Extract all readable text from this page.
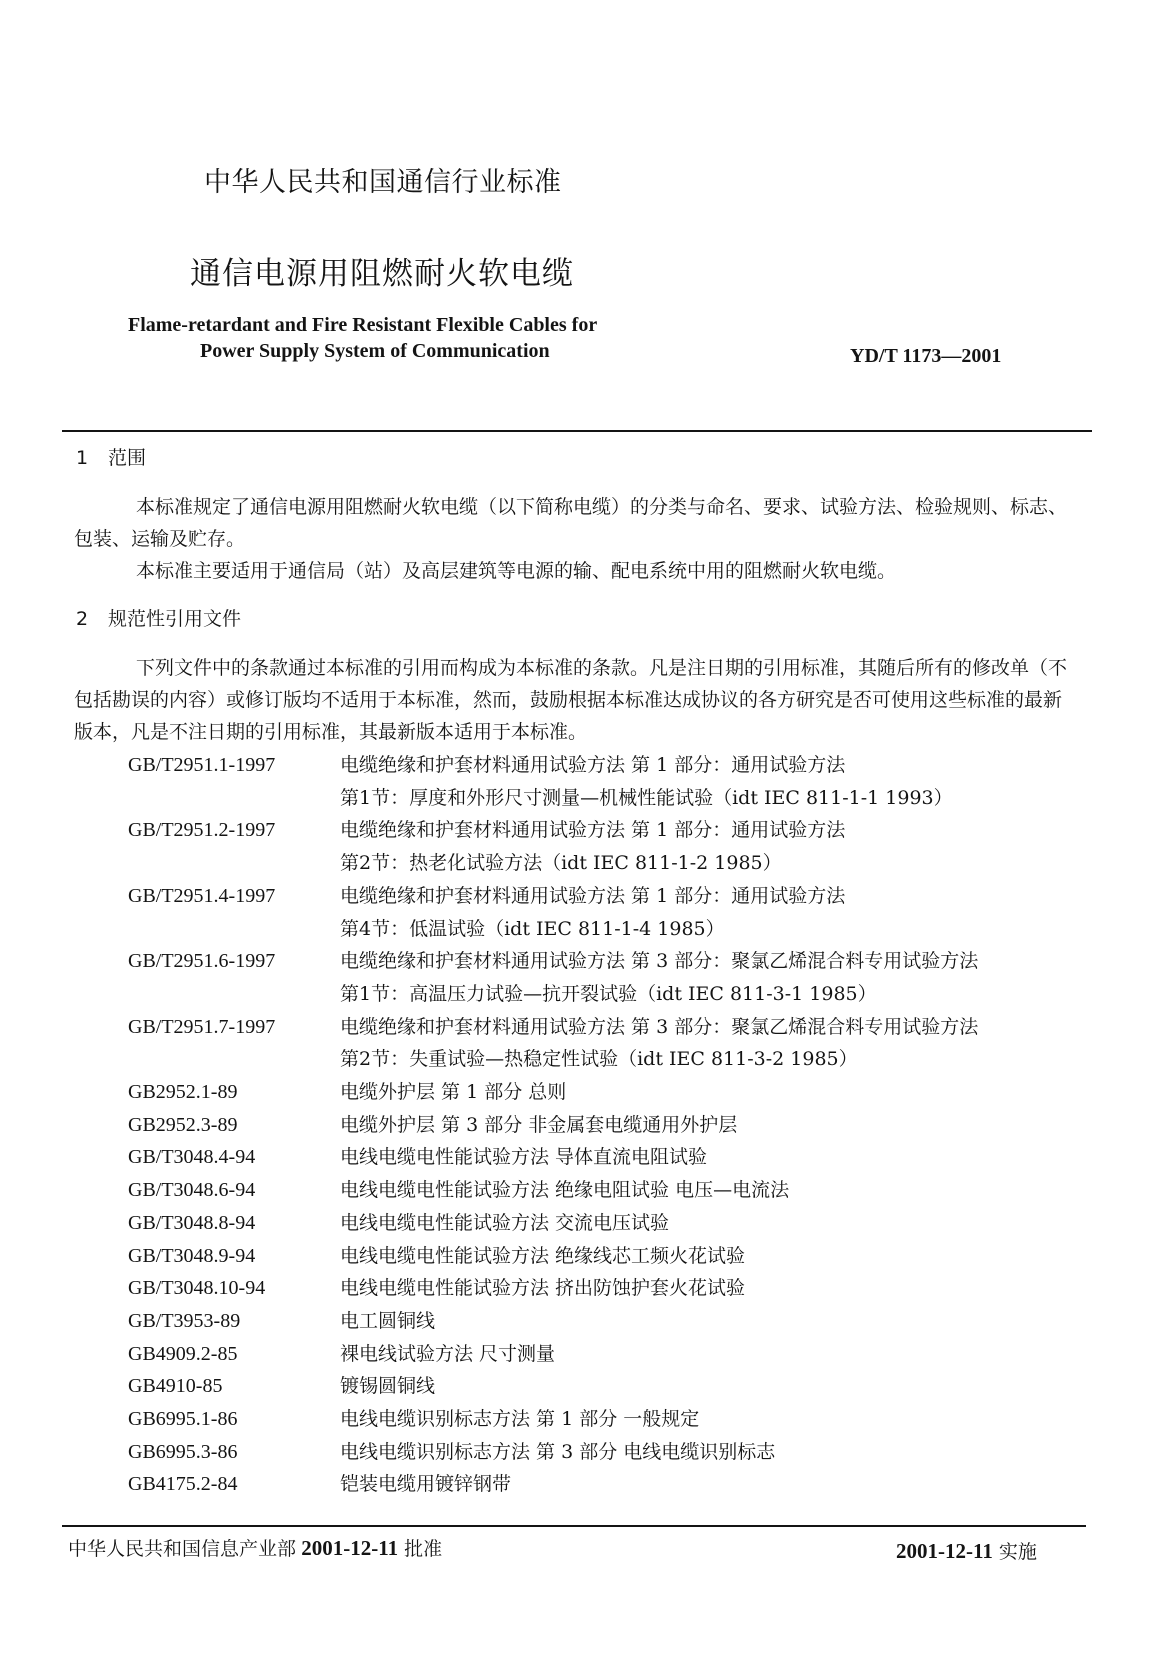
中华人民共和国通信行业标准
通信电源用阻燃耐火软电缆
Flame-retardant and Fire Resistant Flexible Cables for
Power Supply System of Communication	YD/T 1173—2001
1 范围
本标准规定了通信电源用阻燃耐火软电缆（以下简称电缆）的分类与命名、要求、试验方法、检验规则、标志、包装、运输及贮存。
本标准主要适用于通信局（站）及高层建筑等电源的输、配电系统中用的阻燃耐火软电缆。
2 规范性引用文件
下列文件中的条款通过本标准的引用而构成为本标准的条款。凡是注日期的引用标准，其随后所有的修改单（不包括勘误的内容）或修订版均不适用于本标准，然而，鼓励根据本标准达成协议的各方研究是否可使用这些标准的最新版本，凡是不注日期的引用标准，其最新版本适用于本标准。
GB/T2951.1-1997	电缆绝缘和护套材料通用试验方法 第 1 部分：通用试验方法
第1节：厚度和外形尺寸测量—机械性能试验（idt IEC 811-1-1 1993）
GB/T2951.2-1997	电缆绝缘和护套材料通用试验方法 第 1 部分：通用试验方法
第2节：热老化试验方法（idt IEC 811-1-2 1985）
GB/T2951.4-1997	电缆绝缘和护套材料通用试验方法 第 1 部分：通用试验方法
第4节：低温试验（idt IEC 811-1-4 1985）
GB/T2951.6-1997	电缆绝缘和护套材料通用试验方法 第 3 部分：聚氯乙烯混合料专用试验方法
第1节：高温压力试验—抗开裂试验（idt IEC 811-3-1 1985）
GB/T2951.7-1997	电缆绝缘和护套材料通用试验方法 第 3 部分：聚氯乙烯混合料专用试验方法
第2节：失重试验—热稳定性试验（idt IEC 811-3-2 1985）
GB2952.1-89	电缆外护层 第 1 部分 总则
GB2952.3-89	电缆外护层 第 3 部分 非金属套电缆通用外护层
GB/T3048.4-94	电线电缆电性能试验方法 导体直流电阻试验
GB/T3048.6-94	电线电缆电性能试验方法 绝缘电阻试验 电压—电流法
GB/T3048.8-94	电线电缆电性能试验方法 交流电压试验
GB/T3048.9-94	电线电缆电性能试验方法 绝缘线芯工频火花试验
GB/T3048.10-94	电线电缆电性能试验方法 挤出防蚀护套火花试验
GB/T3953-89	电工圆铜线
GB4909.2-85	裸电线试验方法 尺寸测量
GB4910-85	镀锡圆铜线
GB6995.1-86	电线电缆识别标志方法 第 1 部分 一般规定
GB6995.3-86	电线电缆识别标志方法 第 3 部分 电线电缆识别标志
GB4175.2-84	铠装电缆用镀锌钢带
中华人民共和国信息产业部 2001-12-11 批准	2001-12-11 实施
